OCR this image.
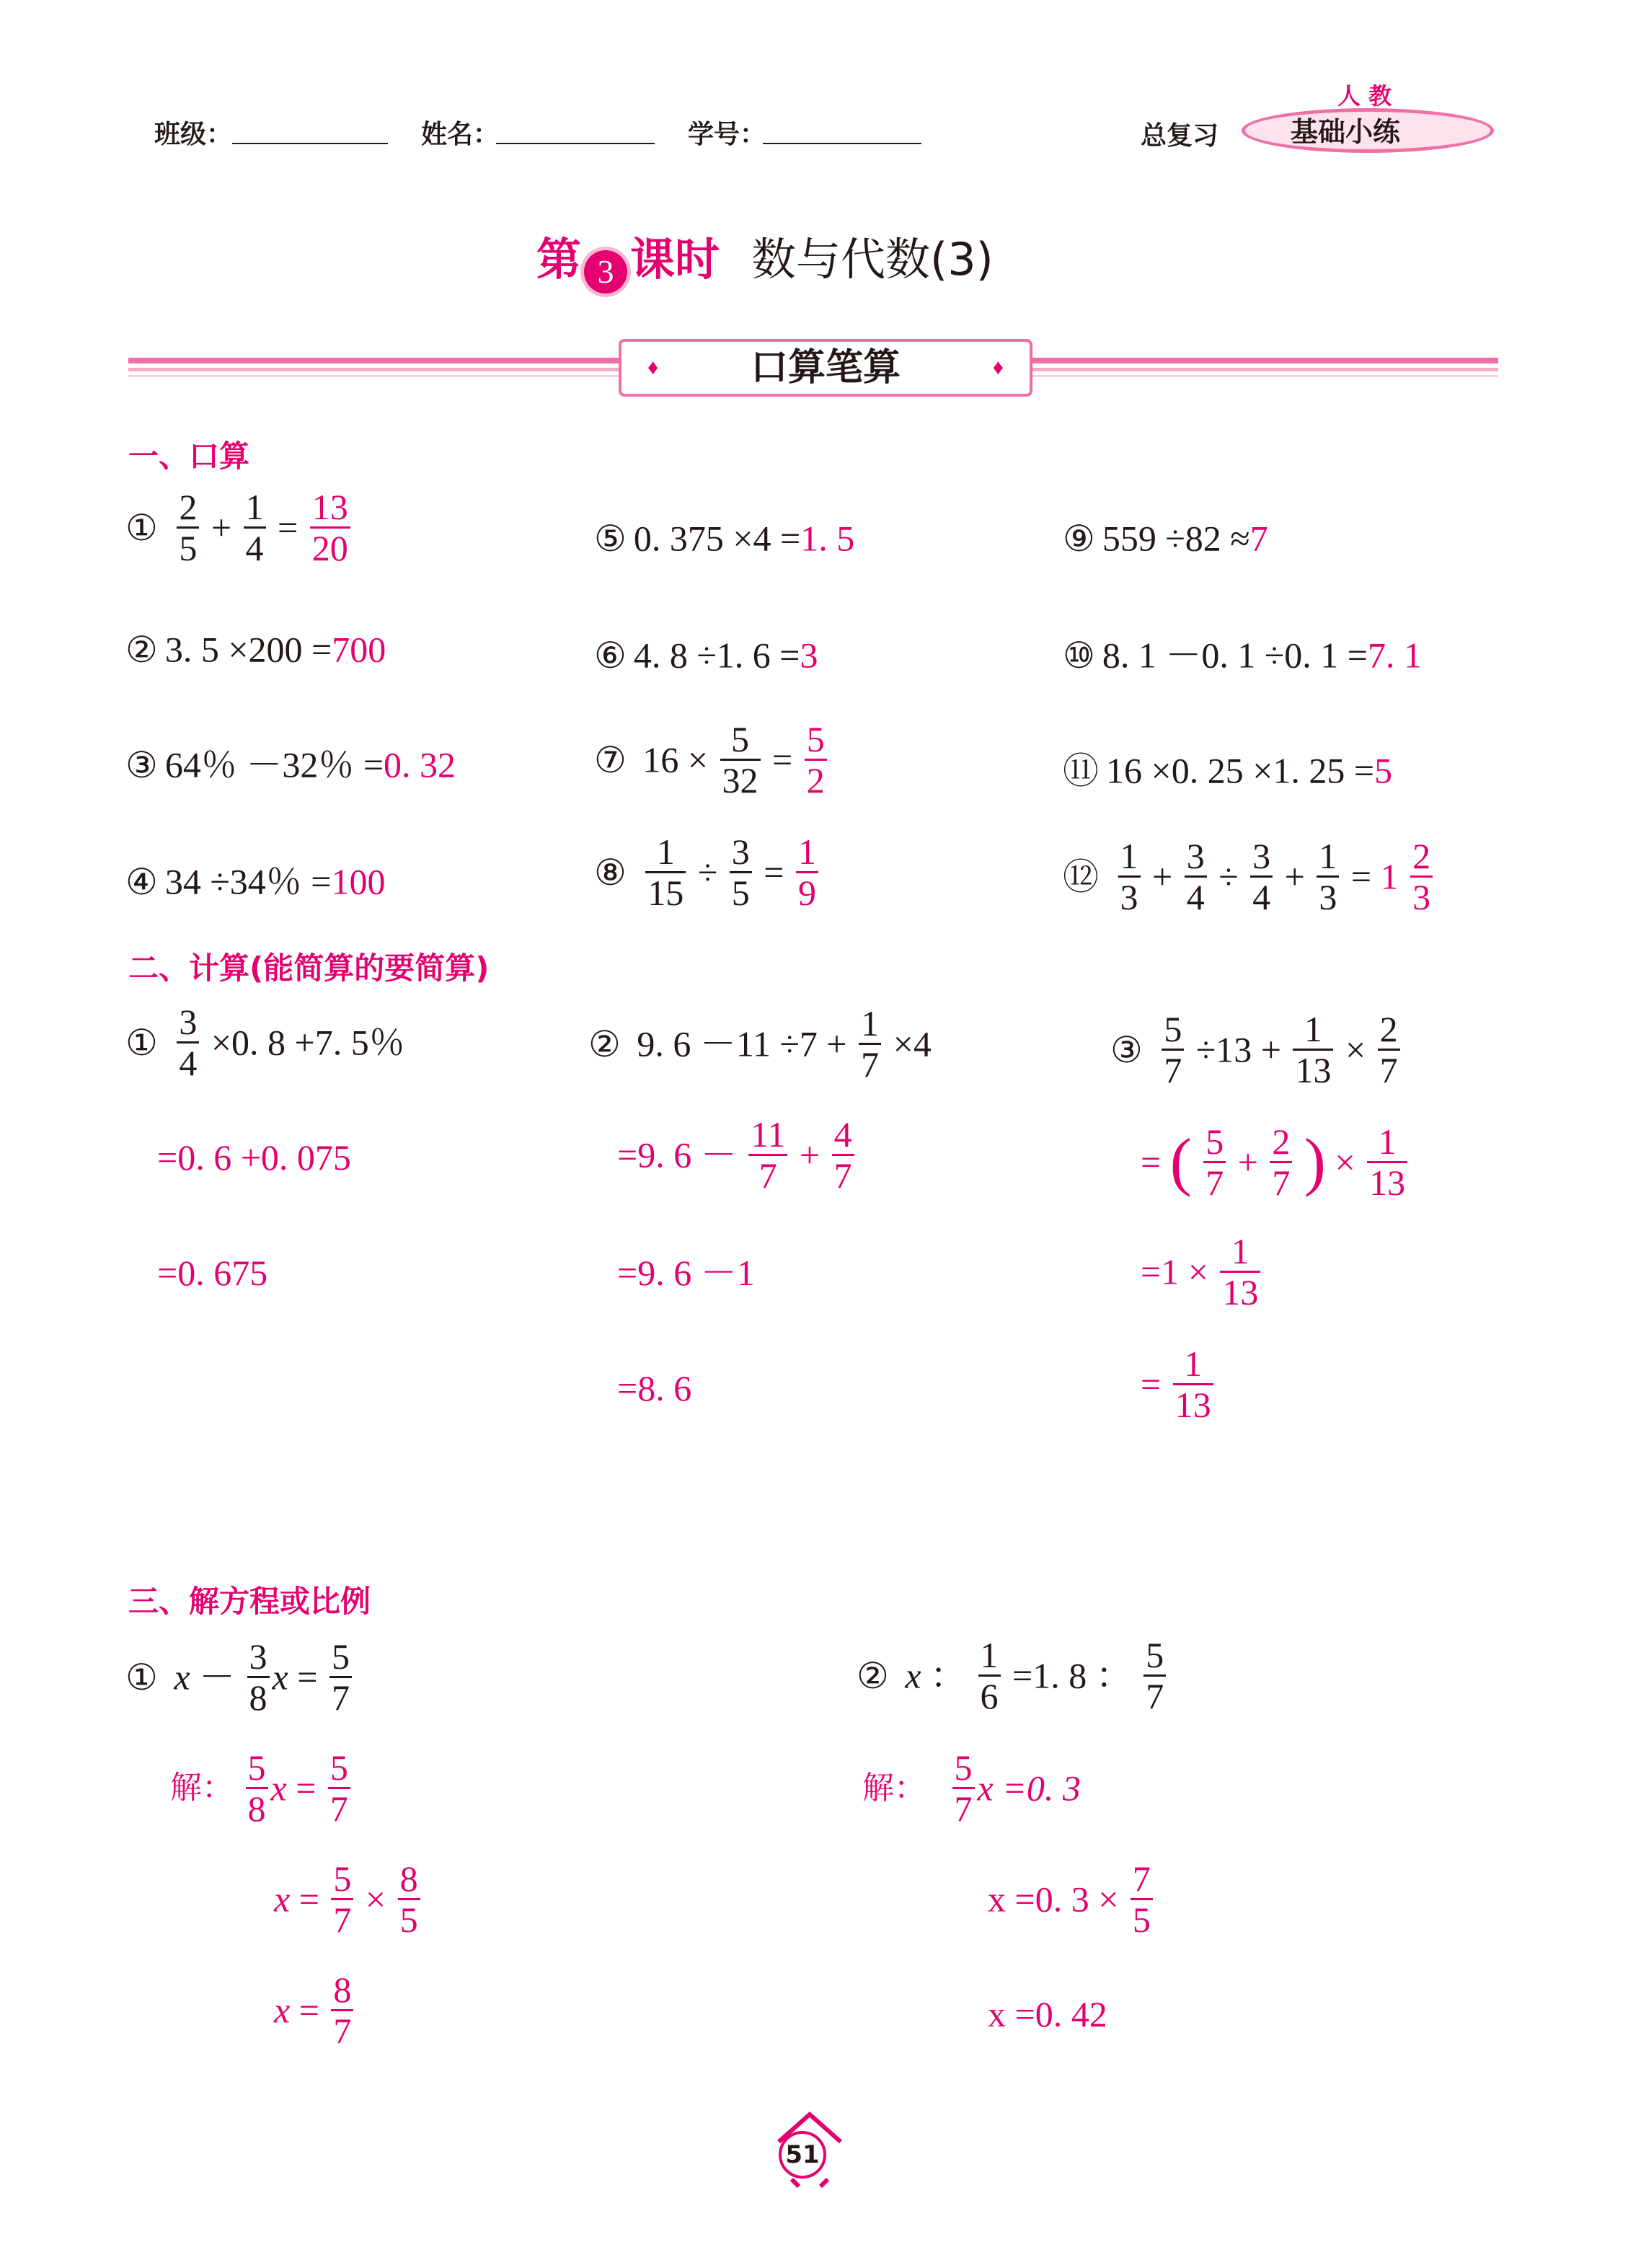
班级：	姓名：	学号：	总复习
人 教
基础小练
第 3 课时 数与代数(3)
♦ 口算笔算	♦
一、口算
① $\frac{2}{5} + \frac{1}{4} = \frac{13}{20}$
② 3. 5 ×200 =700
③ 64％ －32％ =0. 32
④ 34 ÷34％ =100
⑤ 0. 375 ×4 =1. 5
⑥ 4. 8 ÷1. 6 =3
⑦ $16 \times \frac{5}{32} = \frac{5}{2}$
⑧ $\frac{1}{15} \div \frac{3}{5} = \frac{1}{9}$
⑨ 559 ÷82 ≈7
⑩ 8. 1 －0. 1 ÷0. 1 =7. 1
⑪ 16 ×0. 25 ×1. 25 =5
⑫ $\frac{1}{3} + \frac{3}{4} \div \frac{3}{4} + \frac{1}{3} = 1 \frac{2}{3}$
二、计算(能简算的要简算)
① $\frac{3}{4} \times 0$. 8 +7. 5％
=0. 6 +0. 075
=0. 675
② 9. $6 -11 \div 7 + \frac{1}{7} \times 4$
=9. $6 - \frac{11}{7} + \frac{4}{7}$
=9. 6 －1
=8. 6
③ $\frac{5}{7} \div 13 + \frac{1}{13} \times \frac{2}{7}$
= ( $\frac{5}{7} + \frac{2}{7}$ ) × $\frac{1}{13}$
$=1 \times \frac{1}{13}$
= $\frac{1}{13}$
三、解方程或比例
① $x - \frac{3}{8}$ $x = \frac{5}{7}$
解： $\frac{5}{8}$ $x = \frac{5}{7}$
$x = \frac{5}{7} \times \frac{8}{5}$
$x = \frac{8}{7}$
② x ： $\frac{1}{6} =1$. 8 ： $\frac{5}{7}$
解： $\frac{5}{7}$ x =0. 3
x =0. $3 \times \frac{7}{5}$
x =0. 42
51
